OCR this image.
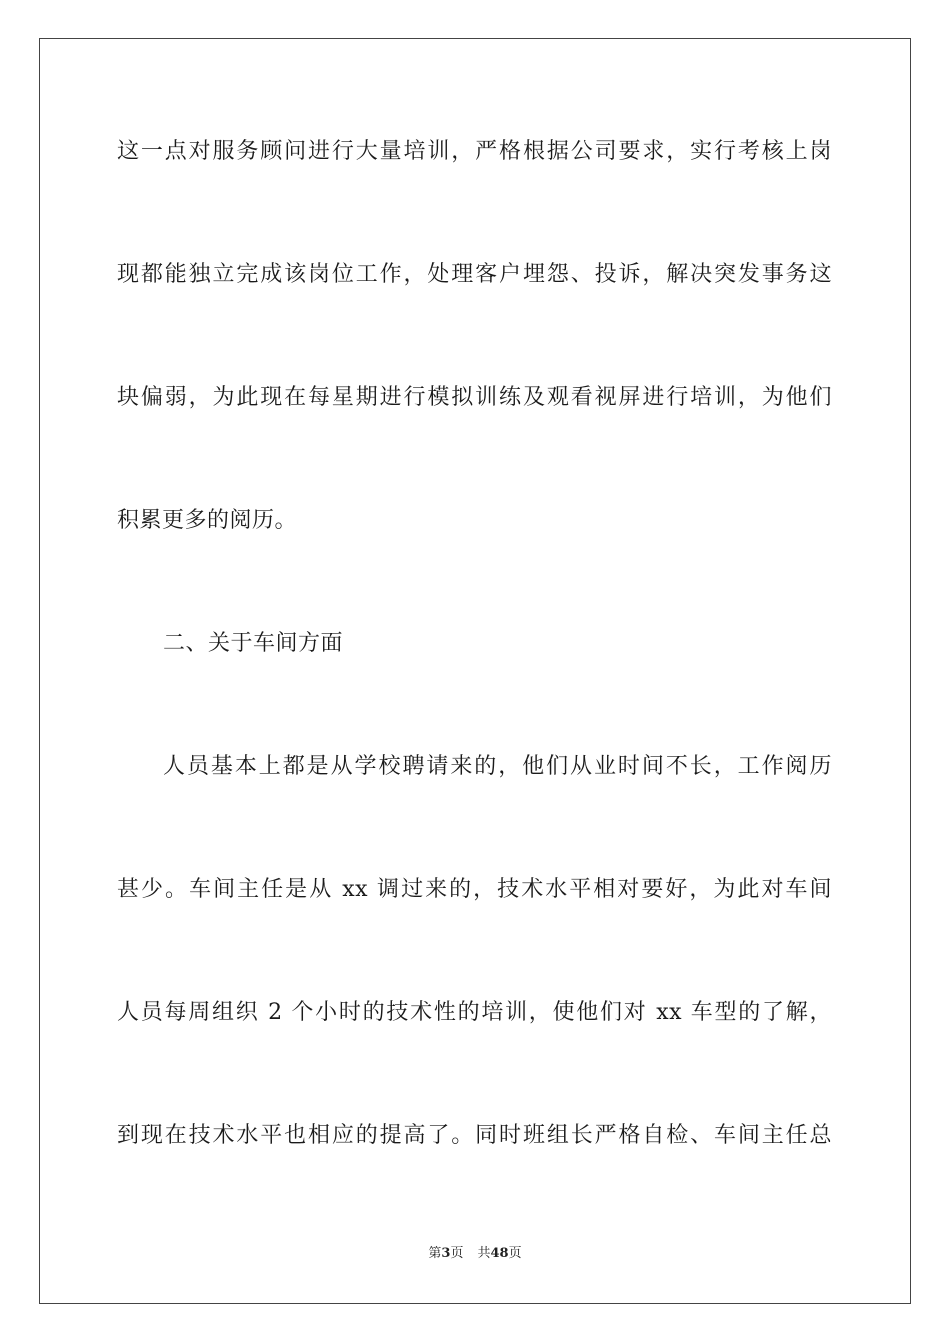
这一点对服务顾问进行大量培训，严格根据公司要求，实行考核上岗
现都能独立完成该岗位工作，处理客户埋怨、投诉，解决突发事务这
块偏弱，为此现在每星期进行模拟训练及观看视屏进行培训，为他们
积累更多的阅历。
二、关于车间方面
人员基本上都是从学校聘请来的，他们从业时间不长，工作阅历
甚少。车间主任是从 xx 调过来的，技术水平相对要好，为此对车间
人员每周组织 2 个小时的技术性的培训，使他们对 xx 车型的了解，
到现在技术水平也相应的提高了。同时班组长严格自检、车间主任总
第3页 共48页
